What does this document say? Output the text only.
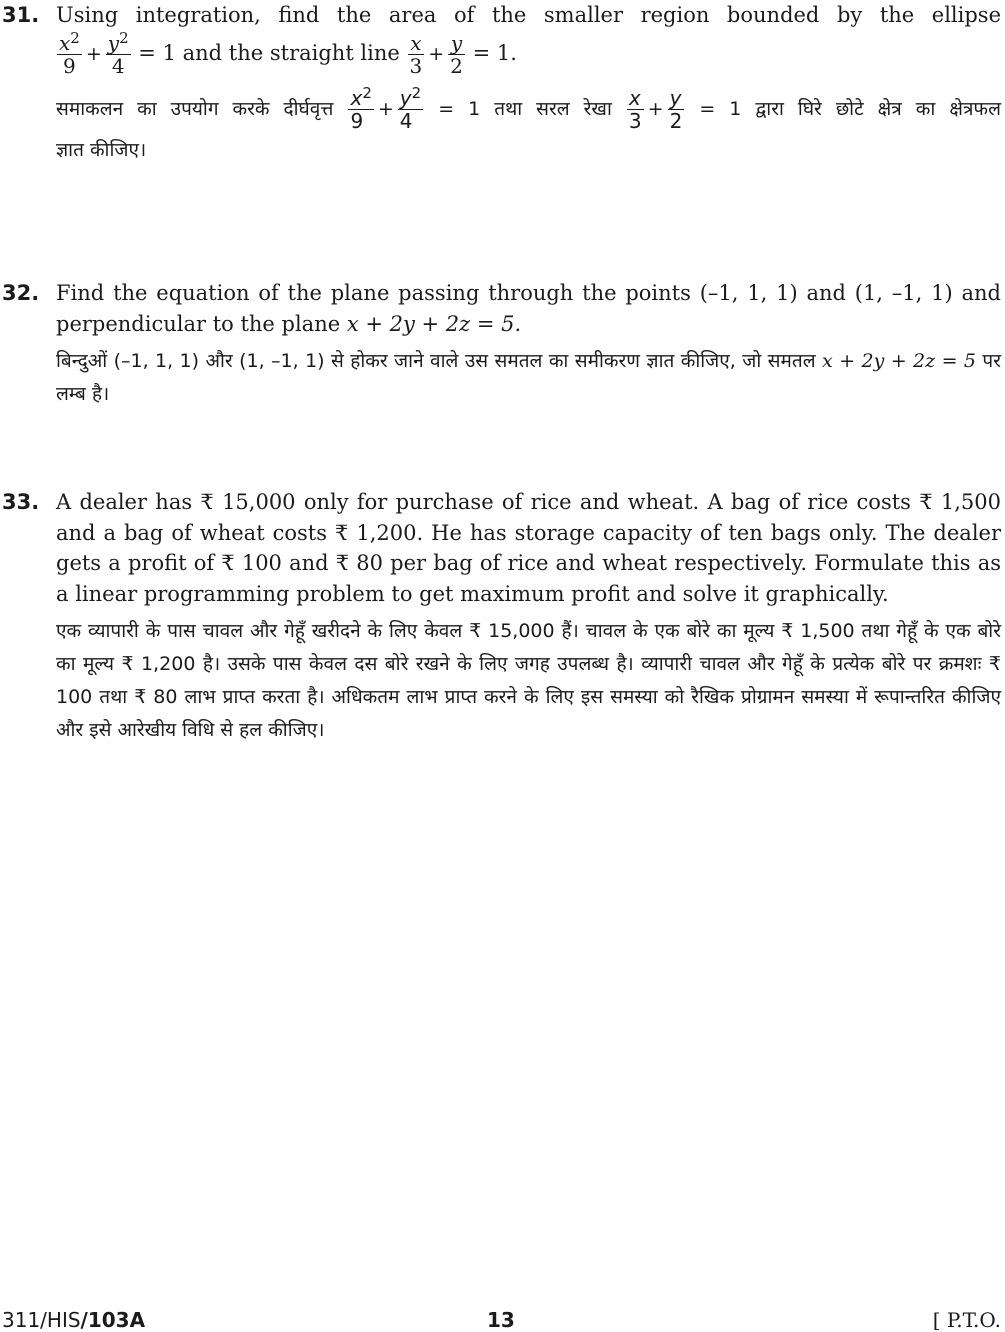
31. Using integration, find the area of the smaller region bounded by the ellipse

$\frac{x^2}{9} + \frac{y^2}{4} = 1$ and the straight line $\frac{x}{3} + \frac{y}{2} = 1$.
समाकलन का उपयोग करके दीर्घवृत्त $\frac{x^2}{9} + \frac{y^2}{4} = 1$ तथा सरल रेखा $\frac{x}{3} + \frac{y}{2} = 1$ द्वारा घिरे छोटे क्षेत्र का क्षेत्रफल
ज्ञात कीजिए।
32. Find the equation of the plane passing through the points (–1, 1, 1) and (1, –1, 1) and perpendicular to the plane x + 2y + 2z = 5.

बिन्दुओं (–1, 1, 1) और (1, –1, 1) से होकर जाने वाले उस समतल का समीकरण ज्ञात कीजिए, जो समतल x + 2y + 2z = 5 पर लम्ब है।

33. A dealer has ₹ 15,000 only for purchase of rice and wheat. A bag of rice costs ₹ 1,500 and a bag of wheat costs ₹ 1,200. He has storage capacity of ten bags only. The dealer gets a profit of ₹ 100 and ₹ 80 per bag of rice and wheat respectively. Formulate this as a linear programming problem to get maximum profit and solve it graphically.

एक व्यापारी के पास चावल और गेहूँ खरीदने के लिए केवल ₹ 15,000 हैं। चावल के एक बोरे का मूल्य ₹ 1,500 तथा गेहूँ के एक बोरे का मूल्य ₹ 1,200 है। उसके पास केवल दस बोरे रखने के लिए जगह उपलब्ध है। व्यापारी चावल और गेहूँ के प्रत्येक बोरे पर क्रमशः ₹ 100 तथा ₹ 80 लाभ प्राप्त करता है। अधिकतम लाभ प्राप्त करने के लिए इस समस्या को रैखिक प्रोग्रामन समस्या में रूपान्तरित कीजिए और इसे आरेखीय विधि से हल कीजिए।

311/HIS/103A	13	[ P.T.O.
